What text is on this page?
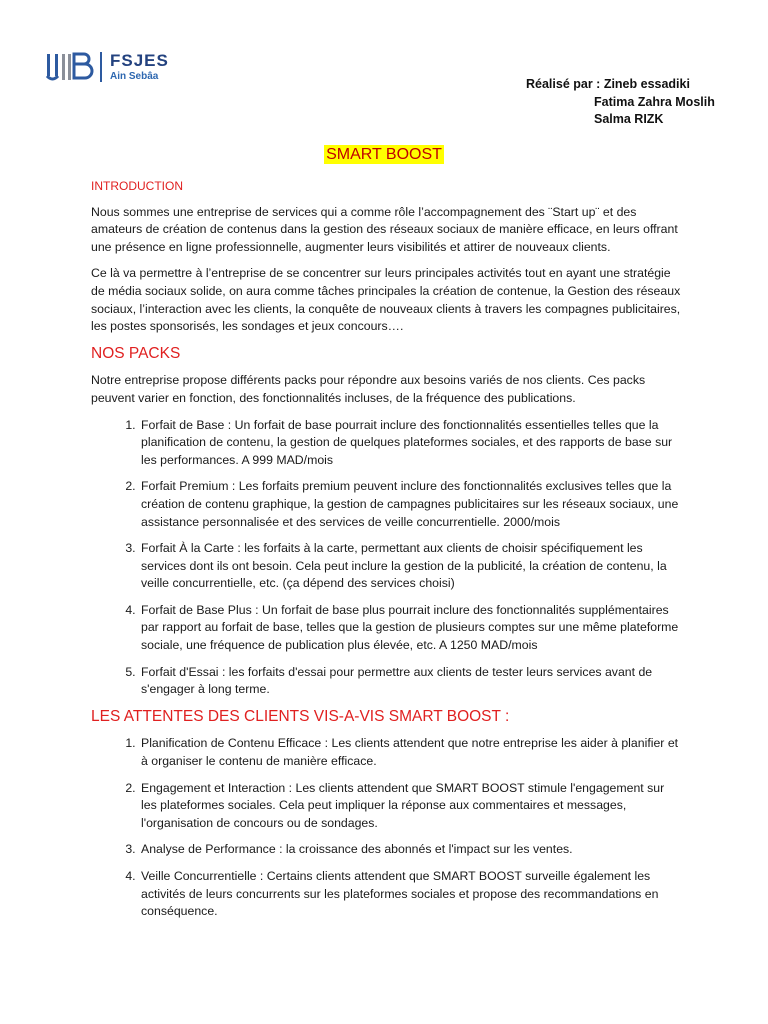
FSJES
Ain Sebâa
Réalisé par : Zineb essadiki
Fatima Zahra Moslih
Salma RIZK
SMART BOOST
INTRODUCTION

Nous sommes une entreprise de services qui a comme rôle l’accompagnement des ¨Start up¨ et des amateurs de création de contenus dans la gestion des réseaux sociaux de manière efficace, en leurs offrant une présence en ligne professionnelle, augmenter leurs visibilités et attirer de nouveaux clients.

Ce là va permettre à l’entreprise de se concentrer sur leurs principales activités tout en ayant une stratégie de média sociaux solide, on aura comme tâches principales la création de contenue, la Gestion des réseaux sociaux, l’interaction avec les clients, la conquête de nouveaux clients à travers les compagnes publicitaires, les postes sponsorisés, les sondages et jeux concours….

NOS PACKS

Notre entreprise propose différents packs pour répondre aux besoins variés de nos clients. Ces packs peuvent varier en fonction, des fonctionnalités incluses, de la fréquence des publications.

1. Forfait de Base : Un forfait de base pourrait inclure des fonctionnalités essentielles telles que la planification de contenu, la gestion de quelques plateformes sociales, et des rapports de base sur les performances. A 999 MAD/mois
2. Forfait Premium : Les forfaits premium peuvent inclure des fonctionnalités exclusives telles que la création de contenu graphique, la gestion de campagnes publicitaires sur les réseaux sociaux, une assistance personnalisée et des services de veille concurrentielle. 2000/mois
3. Forfait À la Carte : les forfaits à la carte, permettant aux clients de choisir spécifiquement les services dont ils ont besoin. Cela peut inclure la gestion de la publicité, la création de contenu, la veille concurrentielle, etc. (ça dépend des services choisi)
4. Forfait de Base Plus : Un forfait de base plus pourrait inclure des fonctionnalités supplémentaires par rapport au forfait de base, telles que la gestion de plusieurs comptes sur une même plateforme sociale, une fréquence de publication plus élevée, etc. A 1250 MAD/mois
5. Forfait d'Essai : les forfaits d'essai pour permettre aux clients de tester leurs services avant de s'engager à long terme.
LES ATTENTES DES CLIENTS VIS-A-VIS SMART BOOST :
1. Planification de Contenu Efficace : Les clients attendent que notre entreprise les aider à planifier et à organiser le contenu de manière efficace.
2. Engagement et Interaction : Les clients attendent que SMART BOOST stimule l'engagement sur les plateformes sociales. Cela peut impliquer la réponse aux commentaires et messages, l'organisation de concours ou de sondages.
3. Analyse de Performance : la croissance des abonnés et l'impact sur les ventes.
4. Veille Concurrentielle : Certains clients attendent que SMART BOOST surveille également les activités de leurs concurrents sur les plateformes sociales et propose des recommandations en conséquence.
